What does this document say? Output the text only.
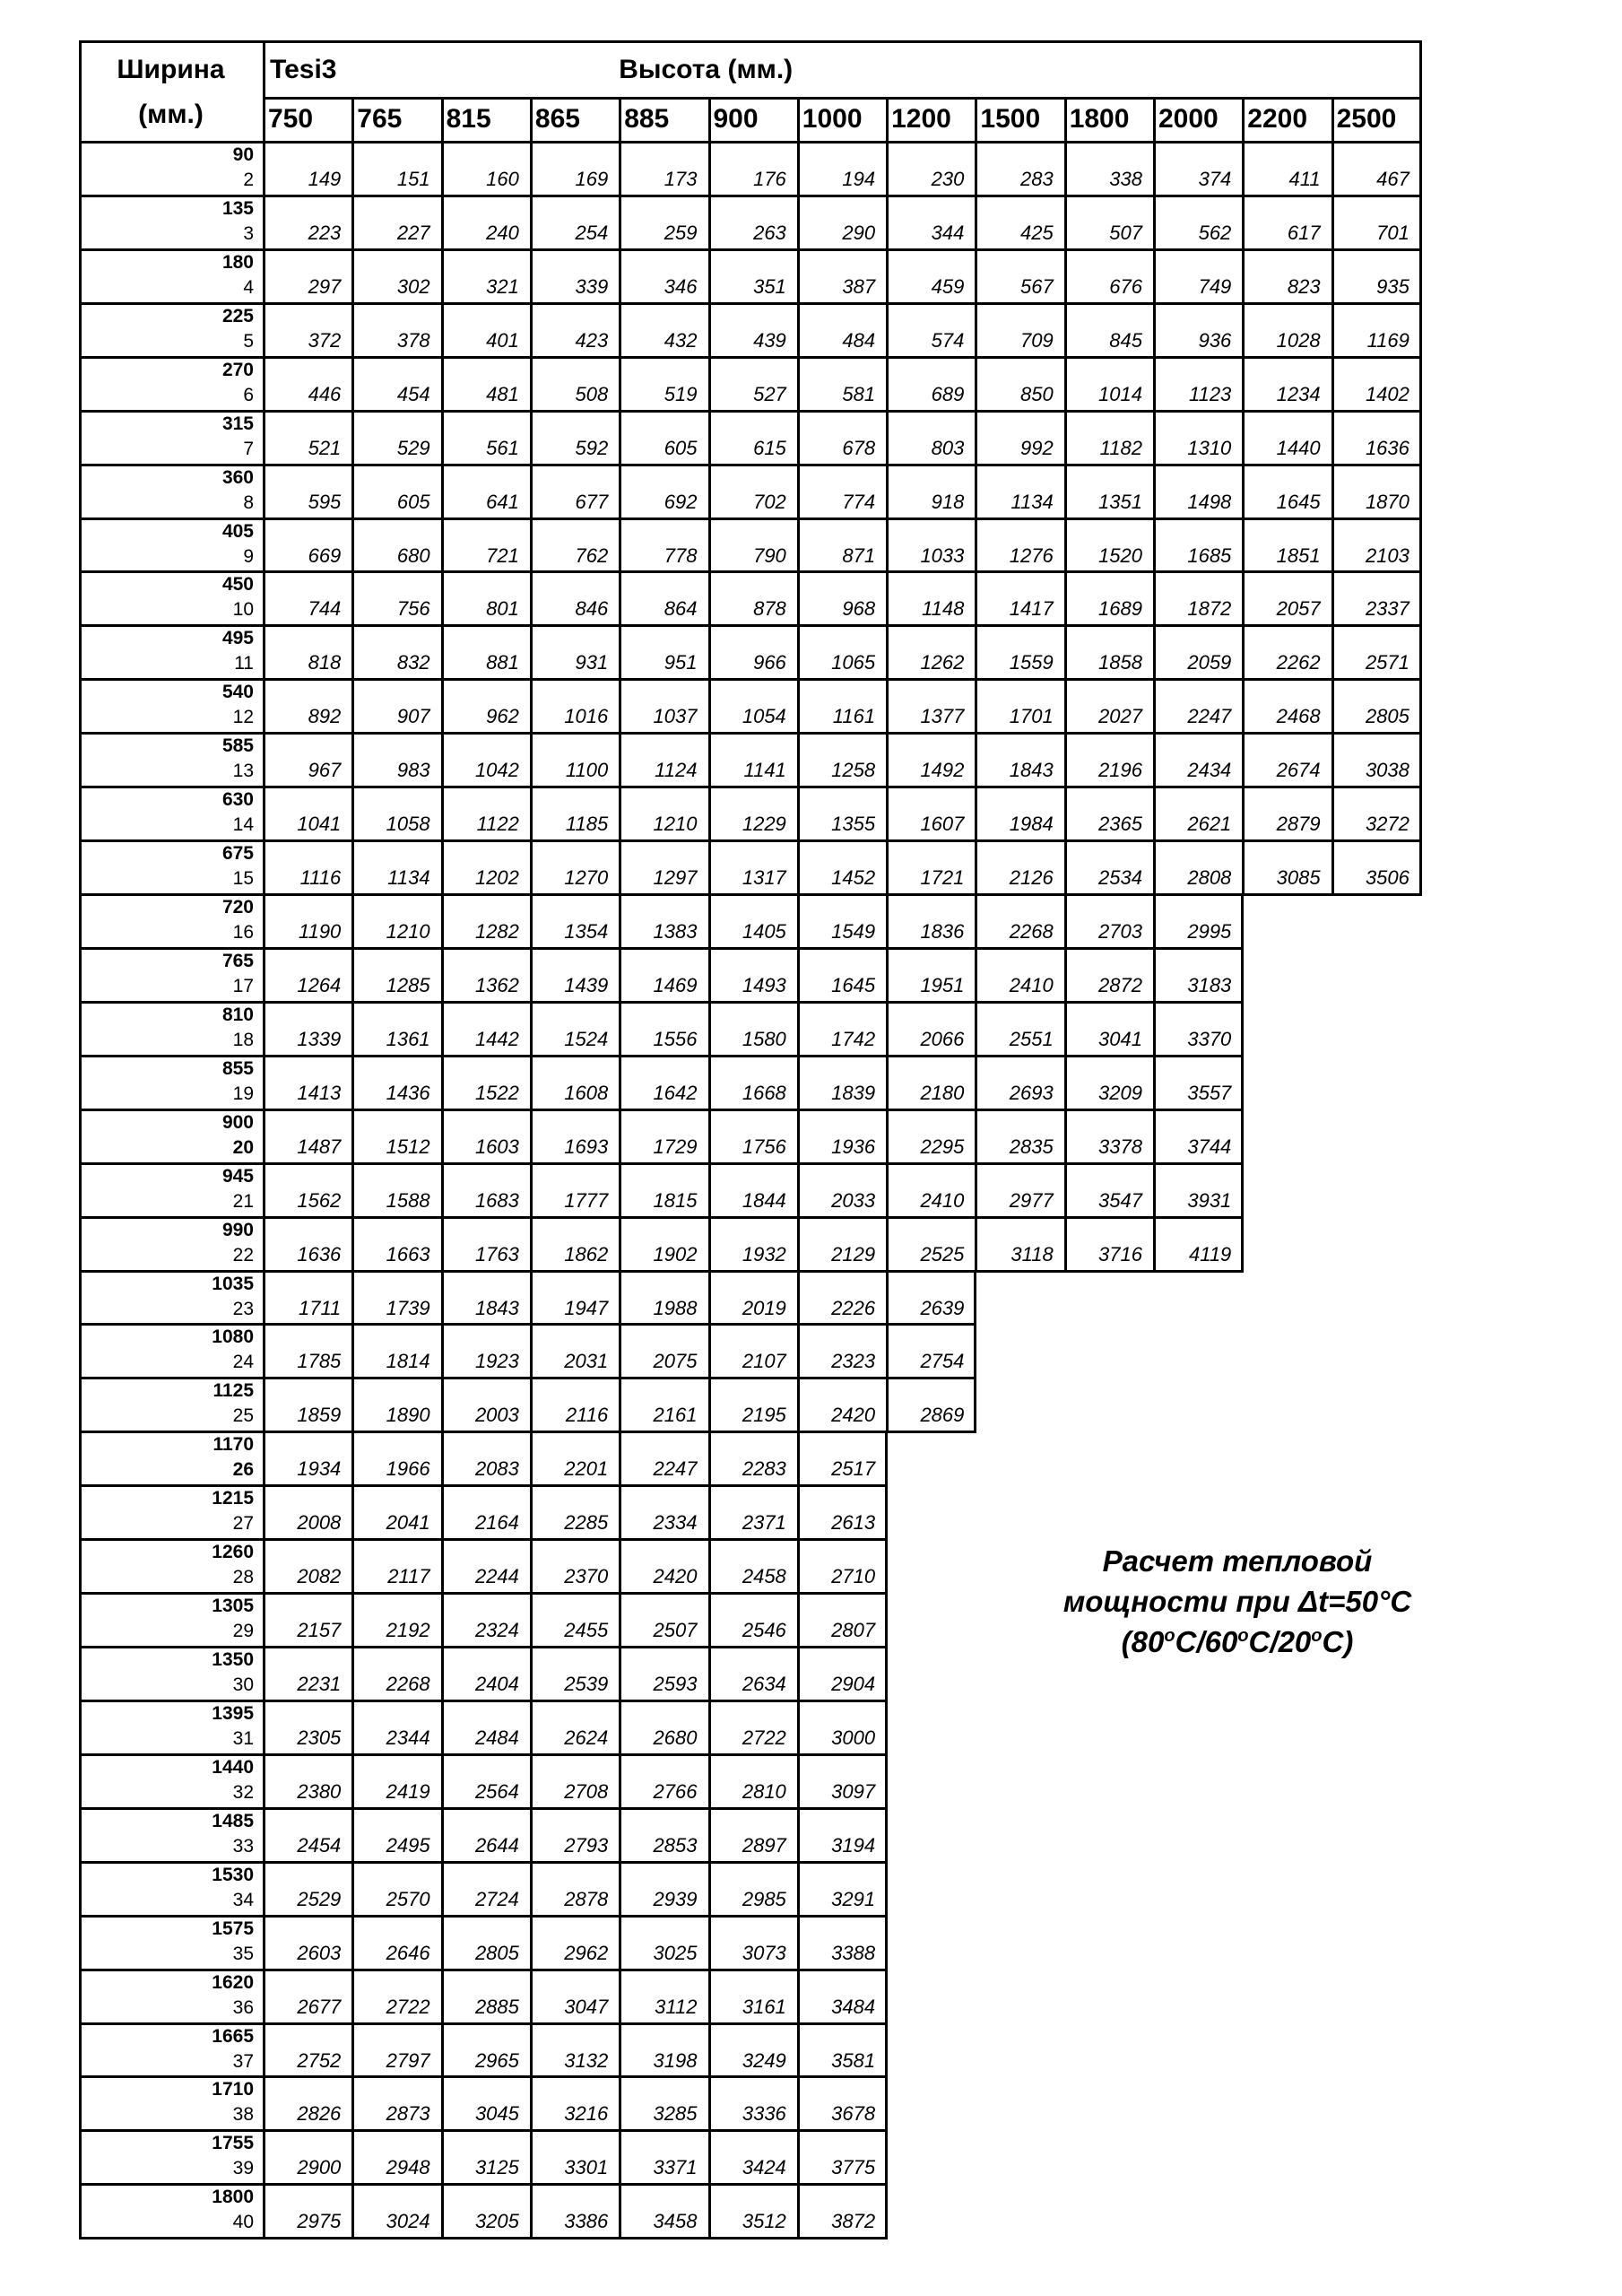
Ширина
(мм.)
Tesi3	Высота (мм.)
750	765	815	865	885	900	1000	1200	1500	1800	2000	2200	2500
90
2	149	151	160	169	173	176	194	230	283	338	374	411	467
135
3	223	227	240	254	259	263	290	344	425	507	562	617	701
180
4	297	302	321	339	346	351	387	459	567	676	749	823	935
225
5	372	378	401	423	432	439	484	574	709	845	936	1028	1169
270
6	446	454	481	508	519	527	581	689	850	1014	1123	1234	1402
315
7	521	529	561	592	605	615	678	803	992	1182	1310	1440	1636
360
8	595	605	641	677	692	702	774	918	1134	1351	1498	1645	1870
405
9	669	680	721	762	778	790	871	1033	1276	1520	1685	1851	2103
450
10	744	756	801	846	864	878	968	1148	1417	1689	1872	2057	2337
495
11	818	832	881	931	951	966	1065	1262	1559	1858	2059	2262	2571
540
12	892	907	962	1016	1037	1054	1161	1377	1701	2027	2247	2468	2805
585
13	967	983	1042	1100	1124	1141	1258	1492	1843	2196	2434	2674	3038
630
14	1041	1058	1122	1185	1210	1229	1355	1607	1984	2365	2621	2879	3272
675
15	1116	1134	1202	1270	1297	1317	1452	1721	2126	2534	2808	3085	3506
720
16	1190	1210	1282	1354	1383	1405	1549	1836	2268	2703	2995
765
17	1264	1285	1362	1439	1469	1493	1645	1951	2410	2872	3183
810
18	1339	1361	1442	1524	1556	1580	1742	2066	2551	3041	3370
855
19	1413	1436	1522	1608	1642	1668	1839	2180	2693	3209	3557
900
20	1487	1512	1603	1693	1729	1756	1936	2295	2835	3378	3744
945
21	1562	1588	1683	1777	1815	1844	2033	2410	2977	3547	3931
990
22	1636	1663	1763	1862	1902	1932	2129	2525	3118	3716	4119
1035
23	1711	1739	1843	1947	1988	2019	2226	2639
1080
24	1785	1814	1923	2031	2075	2107	2323	2754
1125
25	1859	1890	2003	2116	2161	2195	2420	2869
1170
26	1934	1966	2083	2201	2247	2283	2517
1215
27	2008	2041	2164	2285	2334	2371	2613
1260
28	2082	2117	2244	2370	2420	2458	2710
1305
29	2157	2192	2324	2455	2507	2546	2807
1350
30	2231	2268	2404	2539	2593	2634	2904
1395
31	2305	2344	2484	2624	2680	2722	3000
1440
32	2380	2419	2564	2708	2766	2810	3097
1485
33	2454	2495	2644	2793	2853	2897	3194
1530
34	2529	2570	2724	2878	2939	2985	3291
1575
35	2603	2646	2805	2962	3025	3073	3388
1620
36	2677	2722	2885	3047	3112	3161	3484
1665
37	2752	2797	2965	3132	3198	3249	3581
1710
38	2826	2873	3045	3216	3285	3336	3678
1755
39	2900	2948	3125	3301	3371	3424	3775
1800
40	2975	3024	3205	3386	3458	3512	3872
Расчет тепловой
мощности при Δt=50°C
(80$^o$C/60$^o$C/20$^o$C)
